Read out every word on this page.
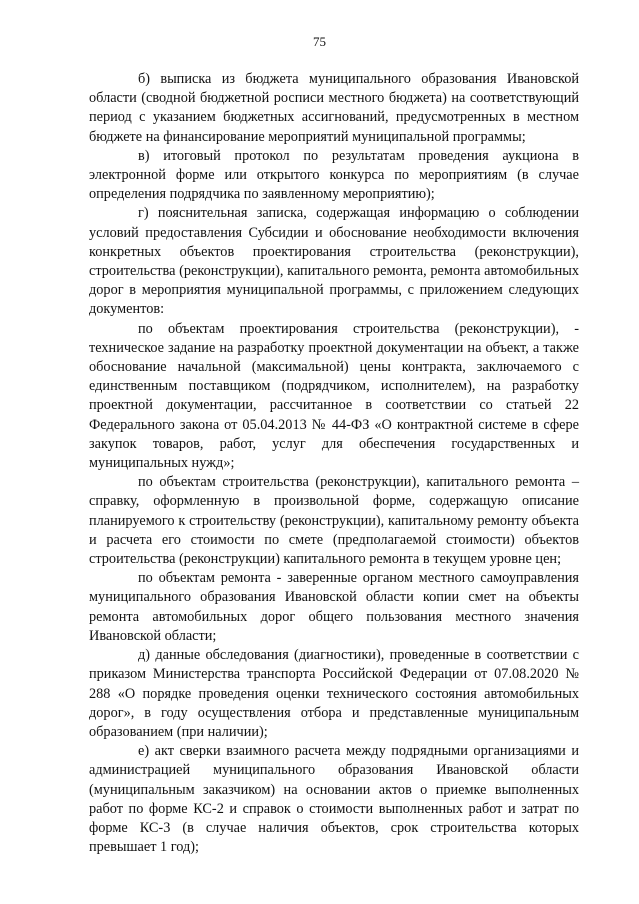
75

б) выписка из бюджета муниципального образования Ивановской области (сводной бюджетной росписи местного бюджета) на соответствующий период с указанием бюджетных ассигнований, предусмотренных в местном бюджете на финансирование мероприятий муниципальной программы;

в) итоговый протокол по результатам проведения аукциона в электронной форме или открытого конкурса по мероприятиям (в случае определения подрядчика по заявленному мероприятию);

г) пояснительная записка, содержащая информацию о соблюдении условий предоставления Субсидии и обоснование необходимости включения конкретных объектов проектирования строительства (реконструкции), строительства (реконструкции), капитального ремонта, ремонта автомобильных дорог в мероприятия муниципальной программы, с приложением следующих документов:

по объектам проектирования строительства (реконструкции), - техническое задание на разработку проектной документации на объект, а также обоснование начальной (максимальной) цены контракта, заключаемого с единственным поставщиком (подрядчиком, исполнителем), на разработку проектной документации, рассчитанное в соответствии со статьей 22 Федерального закона от 05.04.2013 № 44-ФЗ «О контрактной системе в сфере закупок товаров, работ, услуг для обеспечения государственных и муниципальных нужд»;

по объектам строительства (реконструкции), капитального ремонта – справку, оформленную в произвольной форме, содержащую описание планируемого к строительству (реконструкции), капитальному ремонту объекта и расчета его стоимости по смете (предполагаемой стоимости) объектов строительства (реконструкции) капитального ремонта в текущем уровне цен;

по объектам ремонта - заверенные органом местного самоуправления муниципального образования Ивановской области копии смет на объекты ремонта автомобильных дорог общего пользования местного значения Ивановской области;

д) данные обследования (диагностики), проведенные в соответствии с приказом Министерства транспорта Российской Федерации от 07.08.2020 № 288 «О порядке проведения оценки технического состояния автомобильных дорог», в году осуществления отбора и представленные муниципальным образованием (при наличии);

е) акт сверки взаимного расчета между подрядными организациями и администрацией муниципального образования Ивановской области (муниципальным заказчиком) на основании актов о приемке выполненных работ по форме КС-2 и справок о стоимости выполненных работ и затрат по форме КС-3 (в случае наличия объектов, срок строительства которых превышает 1 год);
